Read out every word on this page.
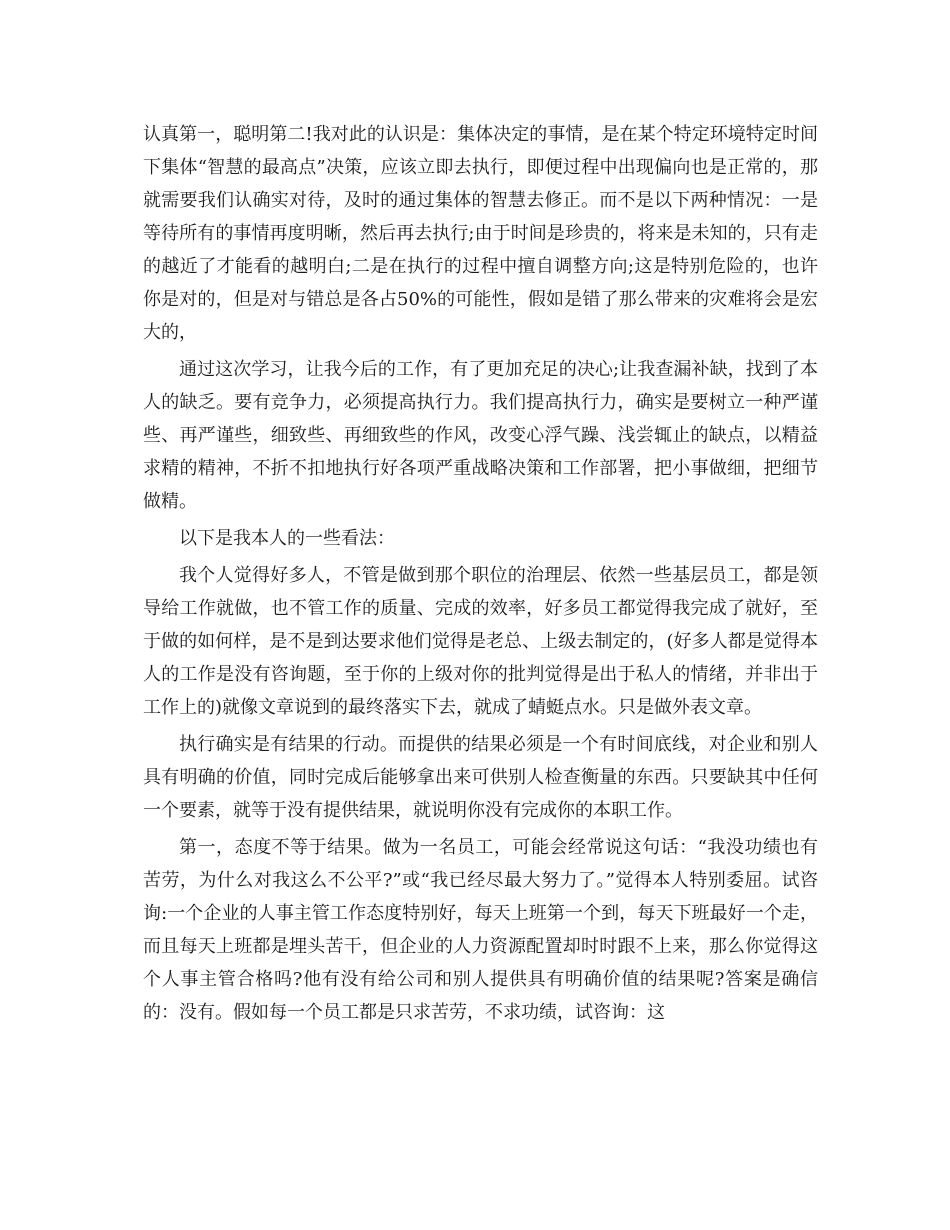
认真第一，聪明第二!我对此的认识是：集体决定的事情，是在某个特定环境特定时间下集体“智慧的最高点”决策，应该立即去执行，即便过程中出现偏向也是正常的，那就需要我们认确实对待，及时的通过集体的智慧去修正。而不是以下两种情况：一是等待所有的事情再度明晰，然后再去执行;由于时间是珍贵的，将来是未知的，只有走的越近了才能看的越明白;二是在执行的过程中擅自调整方向;这是特别危险的，也许你是对的，但是对与错总是各占50%的可能性，假如是错了那么带来的灾难将会是宏大的，

通过这次学习，让我今后的工作，有了更加充足的决心;让我查漏补缺，找到了本人的缺乏。要有竞争力，必须提高执行力。我们提高执行力，确实是要树立一种严谨些、再严谨些，细致些、再细致些的作风，改变心浮气躁、浅尝辄止的缺点，以精益求精的精神，不折不扣地执行好各项严重战略决策和工作部署，把小事做细，把细节做精。

以下是我本人的一些看法：

我个人觉得好多人，不管是做到那个职位的治理层、依然一些基层员工，都是领导给工作就做，也不管工作的质量、完成的效率，好多员工都觉得我完成了就好，至于做的如何样，是不是到达要求他们觉得是老总、上级去制定的，(好多人都是觉得本人的工作是没有咨询题，至于你的上级对你的批判觉得是出于私人的情绪，并非出于工作上的)就像文章说到的最终落实下去，就成了蜻蜓点水。只是做外表文章。

执行确实是有结果的行动。而提供的结果必须是一个有时间底线，对企业和别人具有明确的价值，同时完成后能够拿出来可供别人检查衡量的东西。只要缺其中任何一个要素，就等于没有提供结果，就说明你没有完成你的本职工作。

第一，态度不等于结果。做为一名员工，可能会经常说这句话：“我没功绩也有苦劳，为什么对我这么不公平?”或“我已经尽最大努力了。”觉得本人特别委屈。试咨询:一个企业的人事主管工作态度特别好，每天上班第一个到，每天下班最好一个走，而且每天上班都是埋头苦干，但企业的人力资源配置却时时跟不上来，那么你觉得这个人事主管合格吗?他有没有给公司和别人提供具有明确价值的结果呢?答案是确信的：没有。假如每一个员工都是只求苦劳，不求功绩，试咨询：这
